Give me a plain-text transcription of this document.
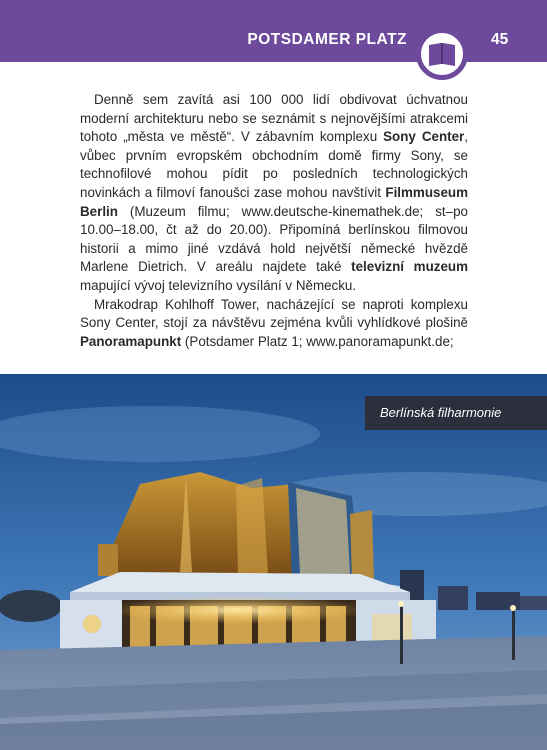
POTSDAMER PLATZ	45

Denně sem zavítá asi 100 000 lidí obdivovat úchvatnou moderní architekturu nebo se seznámit s nejnovějšími atrakcemi tohoto „města ve městě“. V zábavním komplexu Sony Center, vůbec prvním evropském obchodním domě firmy Sony, se technofilové mohou pídit po posledních technologických novinkách a filmoví fanoušci zase mohou navštívit Filmmuseum Berlin (Muzeum filmu; www.deutsche-kinemathek.de; st–po 10.00–18.00, čt až do 20.00). Připomíná berlínskou filmovou historii a mimo jiné vzdává hold největší německé hvězdě Marlene Dietrich. V areálu najdete také televizní muzeum mapující vývoj televizního vysílání v Německu.

Mrakodrap Kohlhoff Tower, nacházející se naproti komplexu Sony Center, stojí za návštěvu zejména kvůli vyhlídkové plošině Panoramapunkt (Potsdamer Platz 1; www.panoramapunkt.de;

Berlínská filharmonie
